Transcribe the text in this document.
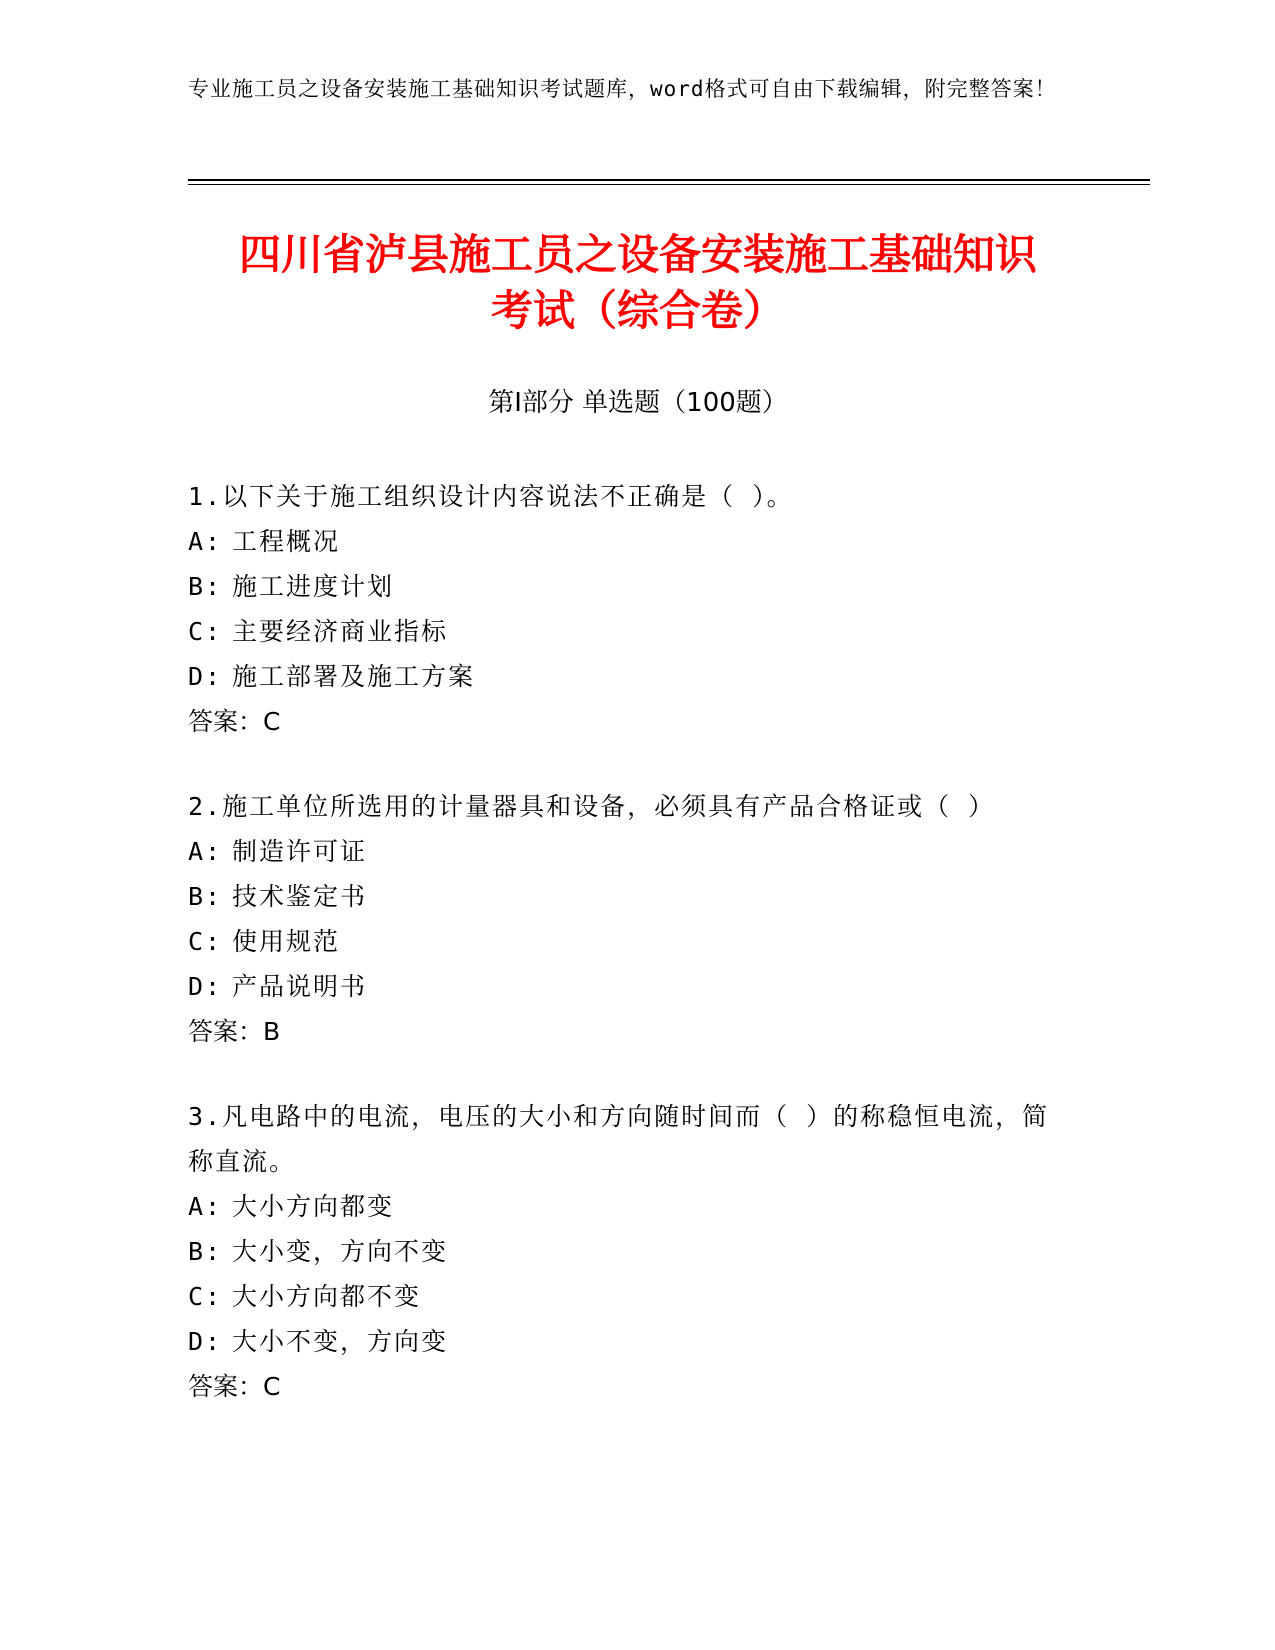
专业施工员之设备安装施工基础知识考试题库，word格式可自由下载编辑，附完整答案！
四川省泸县施工员之设备安装施工基础知识
考试（综合卷）
第Ⅰ部分 单选题（100题）
1.以下关于施工组织设计内容说法不正确是（ ）。
A: 工程概况
B: 施工进度计划
C: 主要经济商业指标
D: 施工部署及施工方案
答案：C
2.施工单位所选用的计量器具和设备，必须具有产品合格证或（ ）
A: 制造许可证
B: 技术鉴定书
C: 使用规范
D: 产品说明书
答案：B
3.凡电路中的电流，电压的大小和方向随时间而（ ）的称稳恒电流，简称直流。
A: 大小方向都变
B: 大小变，方向不变
C: 大小方向都不变
D: 大小不变，方向变
答案：C
